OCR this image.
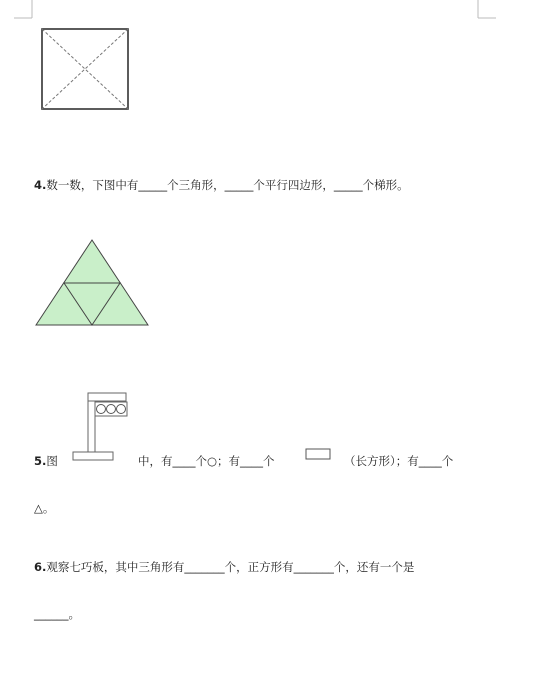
4.数一数，下图中有_____个三角形，_____个平行四边形，_____个梯形。
5.图	中，有____个○；有____个	（长方形）；有____个
△。
6.观察七巧板，其中三角形有_______个，正方形有_______个，还有一个是
______。
